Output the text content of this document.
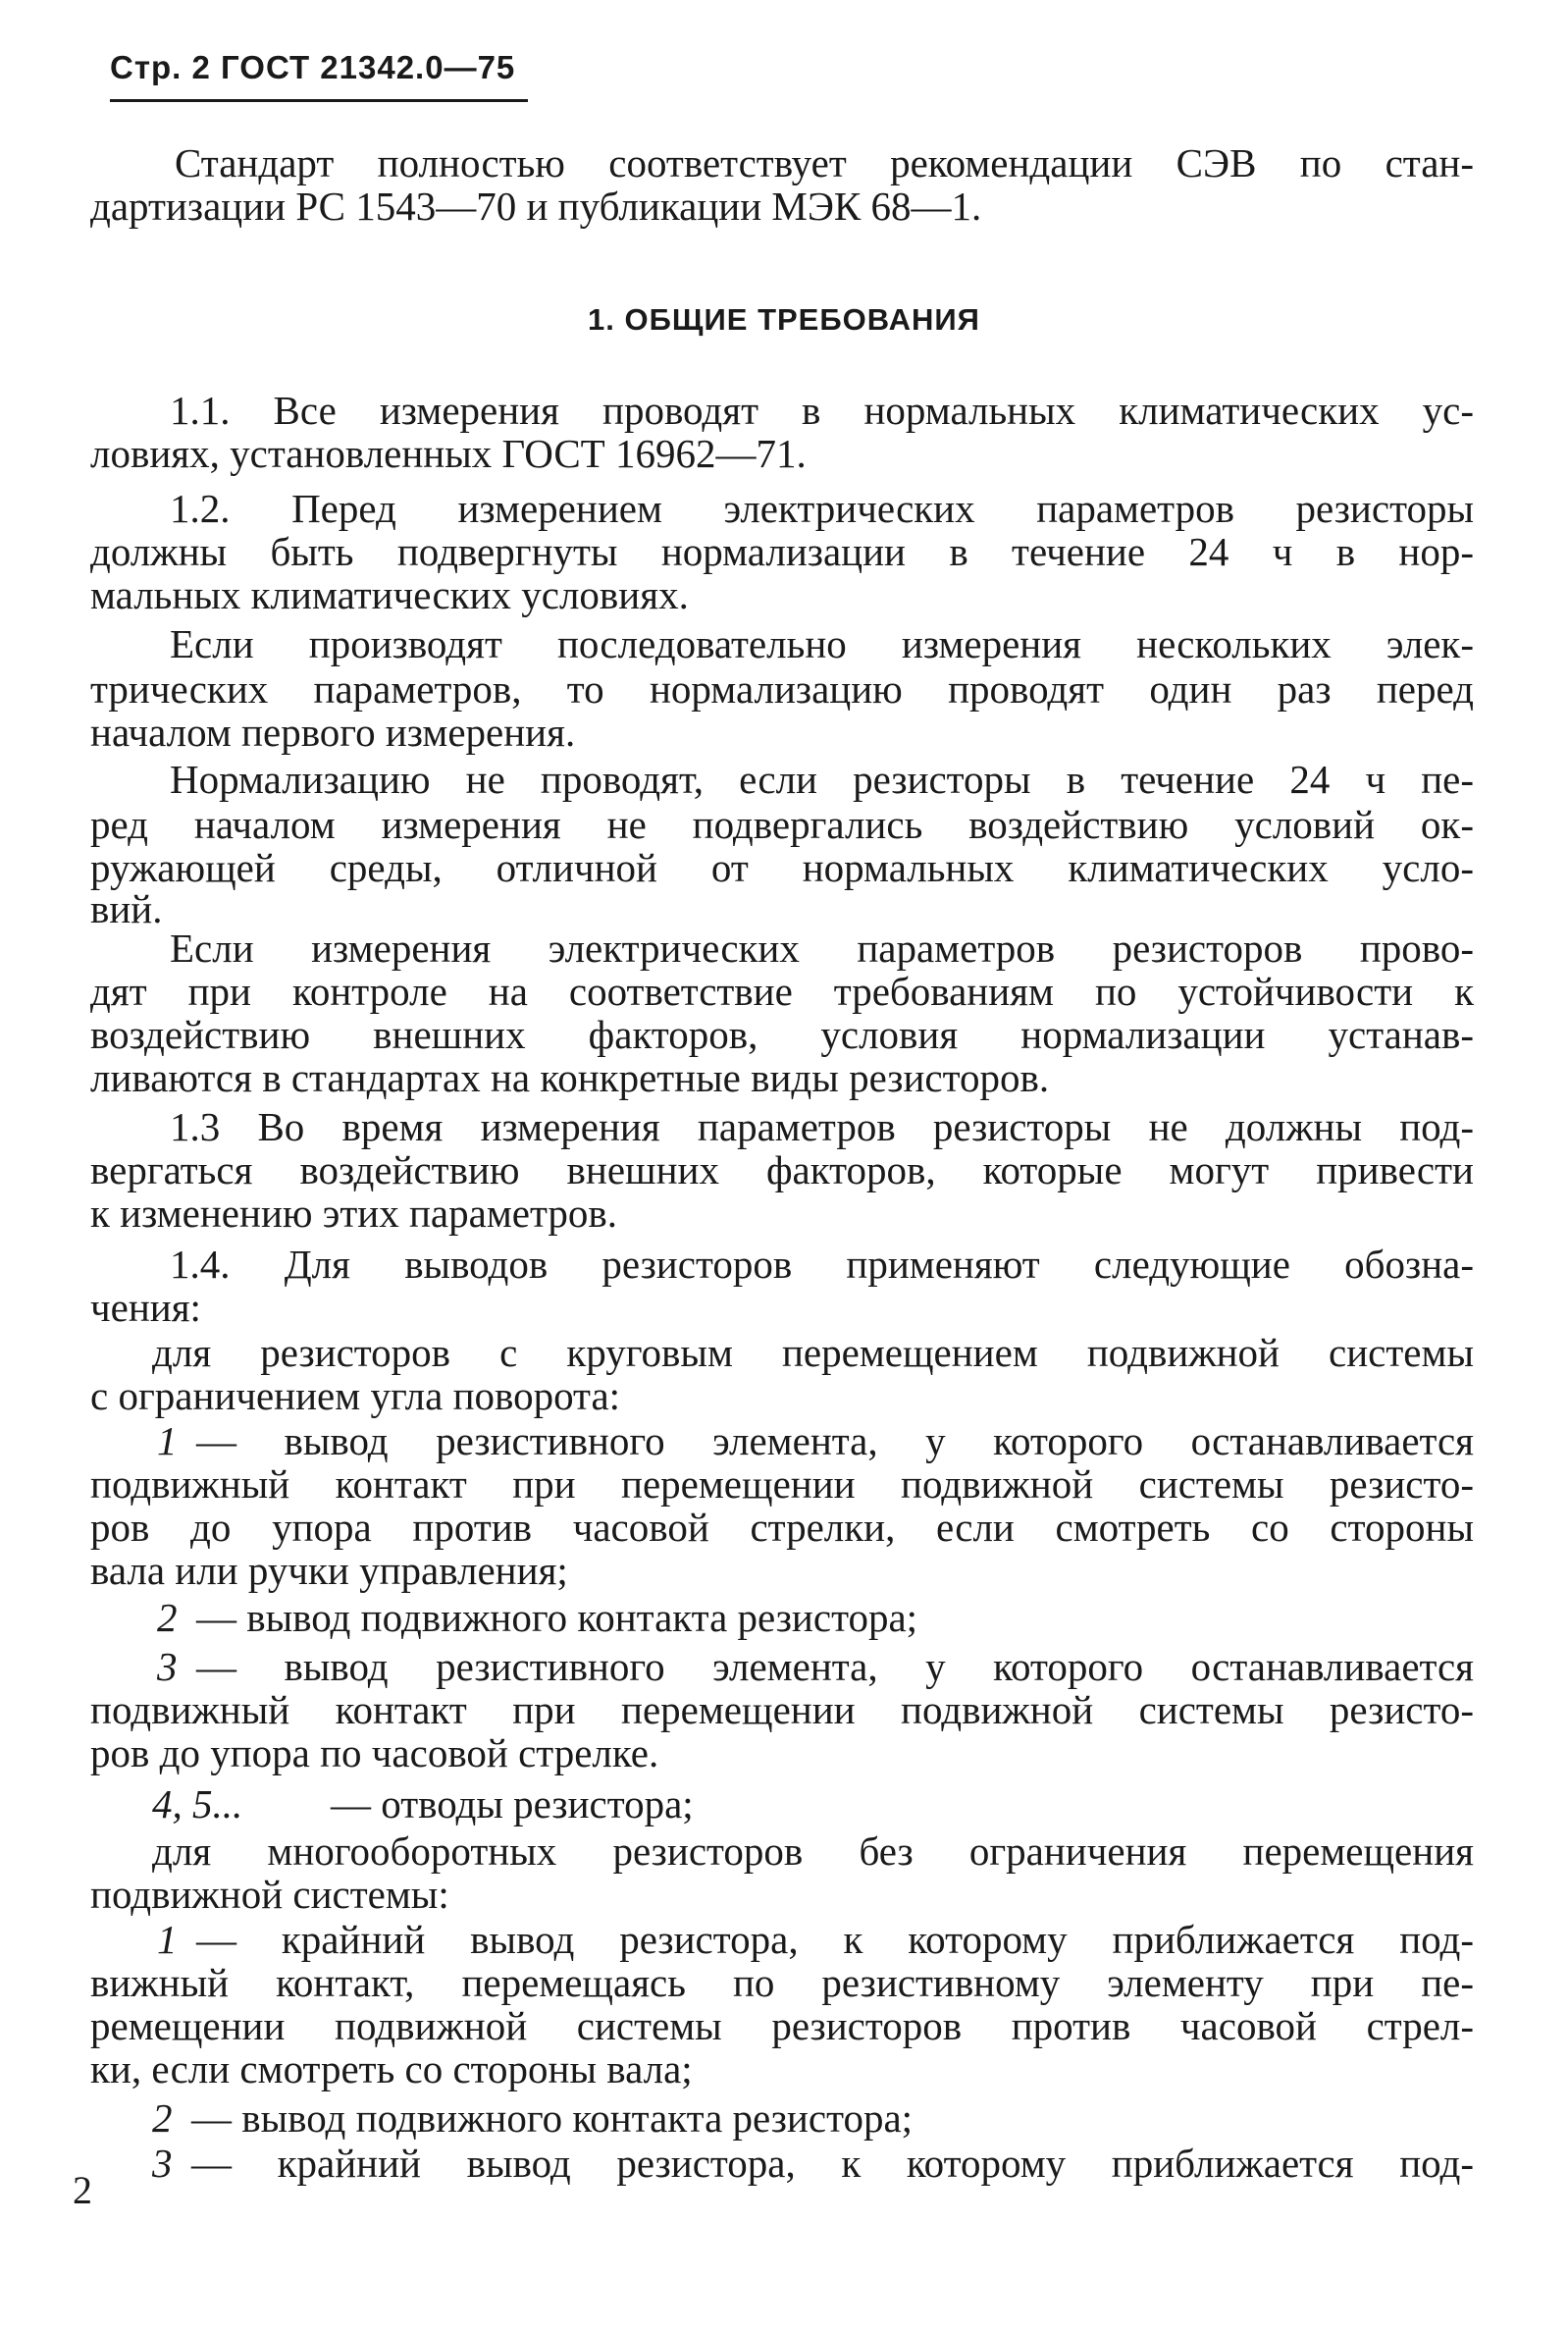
Стр. 2 ГОСТ 21342.0—75
Стандарт полностью соответствует рекомендации СЭВ по стан-
дартизации РС 1543—70 и публикации МЭК 68—1.
1. ОБЩИЕ ТРЕБОВАНИЯ
1.1. Все измерения проводят в нормальных климатических ус-
ловиях, установленных ГОСТ 16962—71.
1.2. Перед измерением электрических параметров резисторы
должны быть подвергнуты нормализации в течение 24 ч в нор-
мальных климатических условиях.
Если производят последовательно измерения нескольких элек-
трических параметров, то нормализацию проводят один раз перед
началом первого измерения.
Нормализацию не проводят, если резисторы в течение 24 ч пе-
ред началом измерения не подвергались воздействию условий ок-
ружающей среды, отличной от нормальных климатических усло-
вий.
Если измерения электрических параметров резисторов прово-
дят при контроле на соответствие требованиям по устойчивости к
воздействию внешних факторов, условия нормализации устанав-
ливаются в стандартах на конкретные виды резисторов.
1.3 Во время измерения параметров резисторы не должны под-
вергаться воздействию внешних факторов, которые могут привести
к изменению этих параметров.
1.4. Для выводов резисторов применяют следующие обозна-
чения:
для резисторов с круговым перемещением подвижной системы
с ограничением угла поворота:
1 — вывод резистивного элемента, у которого останавливается
подвижный контакт при перемещении подвижной системы резисто-
ров до упора против часовой стрелки, если смотреть со стороны
вала или ручки управления;
2 — вывод подвижного контакта резистора;
3 — вывод резистивного элемента, у которого останавливается
подвижный контакт при перемещении подвижной системы резисто-
ров до упора по часовой стрелке.
4, 5...	— отводы резистора;
для многооборотных резисторов без ограничения перемещения
подвижной системы:
1 — крайний вывод резистора, к которому приближается под-
вижный контакт, перемещаясь по резистивному элементу при пе-
ремещении подвижной системы резисторов против часовой стрел-
ки, если смотреть со стороны вала;
2 — вывод подвижного контакта резистора;
3 — крайний вывод резистора, к которому приближается под-
2
